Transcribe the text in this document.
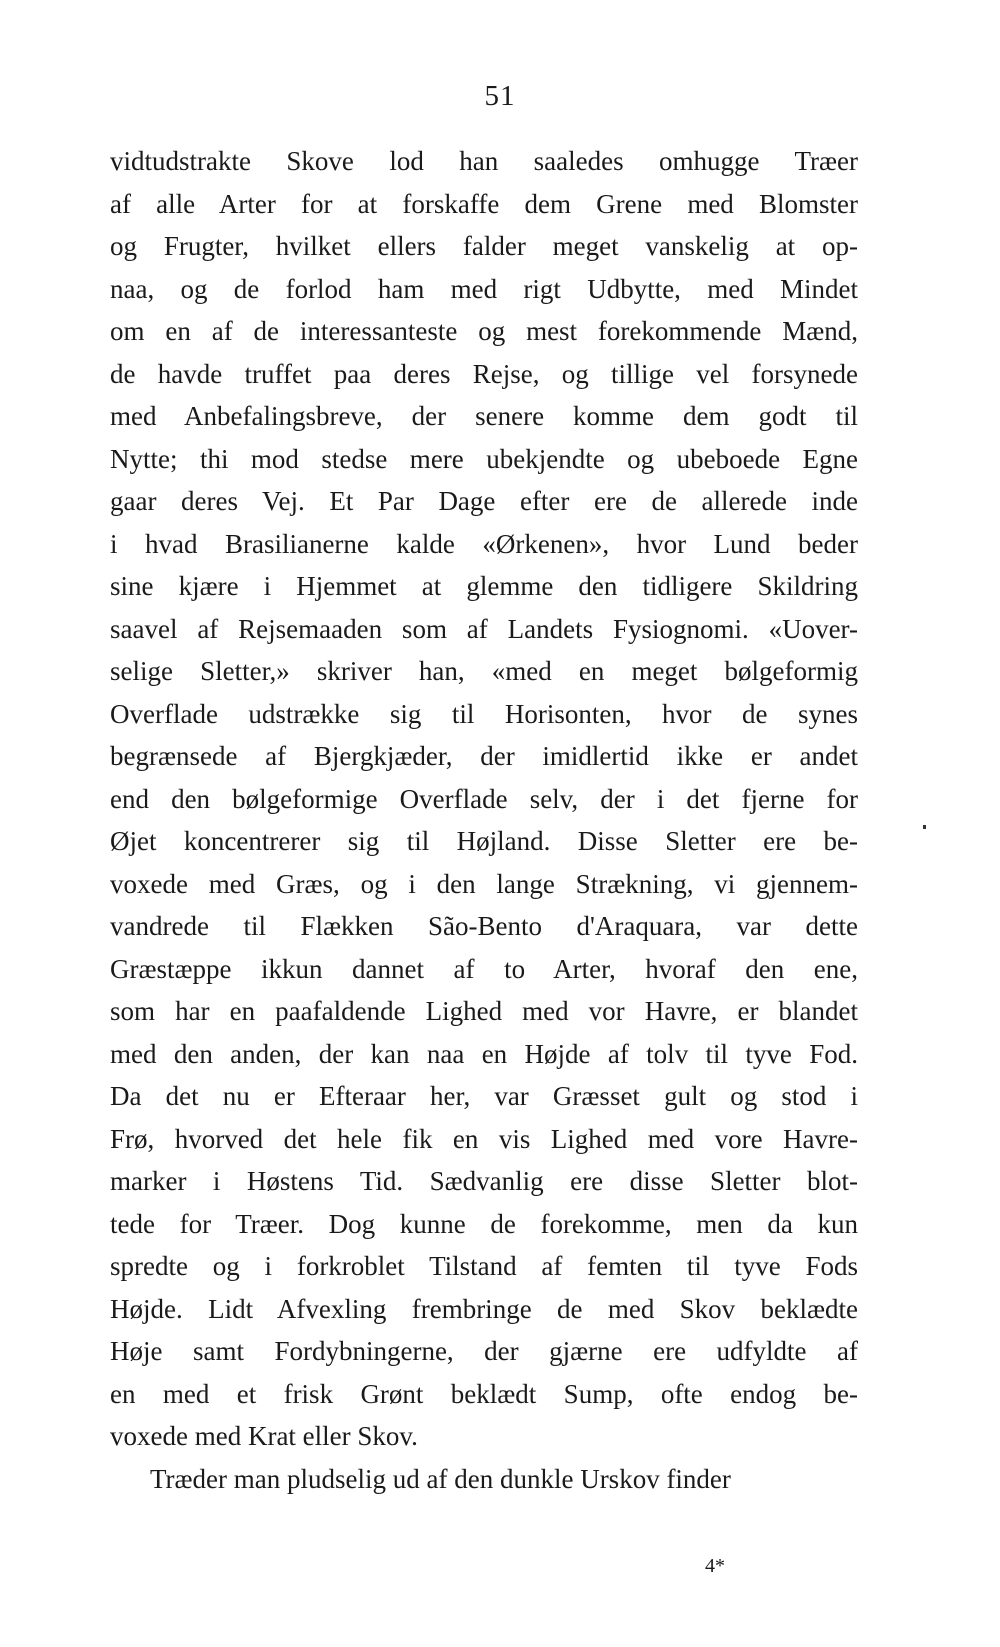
51
vidtudstrakte Skove lod han saaledes omhugge Træer
af alle Arter for at forskaffe dem Grene med Blomster
og Frugter, hvilket ellers falder meget vanskelig at op-
naa, og de forlod ham med rigt Udbytte, med Mindet
om en af de interessanteste og mest forekommende Mænd,
de havde truffet paa deres Rejse, og tillige vel forsynede
med Anbefalingsbreve, der senere komme dem godt til
Nytte; thi mod stedse mere ubekjendte og ubeboede Egne
gaar deres Vej. Et Par Dage efter ere de allerede inde
i hvad Brasilianerne kalde «Ørkenen», hvor Lund beder
sine kjære i Hjemmet at glemme den tidligere Skildring
saavel af Rejsemaaden som af Landets Fysiognomi. «Uover-
selige Sletter,» skriver han, «med en meget bølgeformig
Overflade udstrække sig til Horisonten, hvor de synes
begrænsede af Bjergkjæder, der imidlertid ikke er andet
end den bølgeformige Overflade selv, der i det fjerne for
Øjet koncentrerer sig til Højland. Disse Sletter ere be-
voxede med Græs, og i den lange Strækning, vi gjennem-
vandrede til Flækken São-Bento d'Araquara, var dette
Græstæppe ikkun dannet af to Arter, hvoraf den ene,
som har en paafaldende Lighed med vor Havre, er blandet
med den anden, der kan naa en Højde af tolv til tyve Fod.
Da det nu er Efteraar her, var Græsset gult og stod i
Frø, hvorved det hele fik en vis Lighed med vore Havre-
marker i Høstens Tid. Sædvanlig ere disse Sletter blot-
tede for Træer. Dog kunne de forekomme, men da kun
spredte og i forkroblet Tilstand af femten til tyve Fods
Højde. Lidt Afvexling frembringe de med Skov beklædte
Høje samt Fordybningerne, der gjærne ere udfyldte af
en med et frisk Grønt beklædt Sump, ofte endog be-
voxede med Krat eller Skov.
Træder man pludselig ud af den dunkle Urskov finder
4*
